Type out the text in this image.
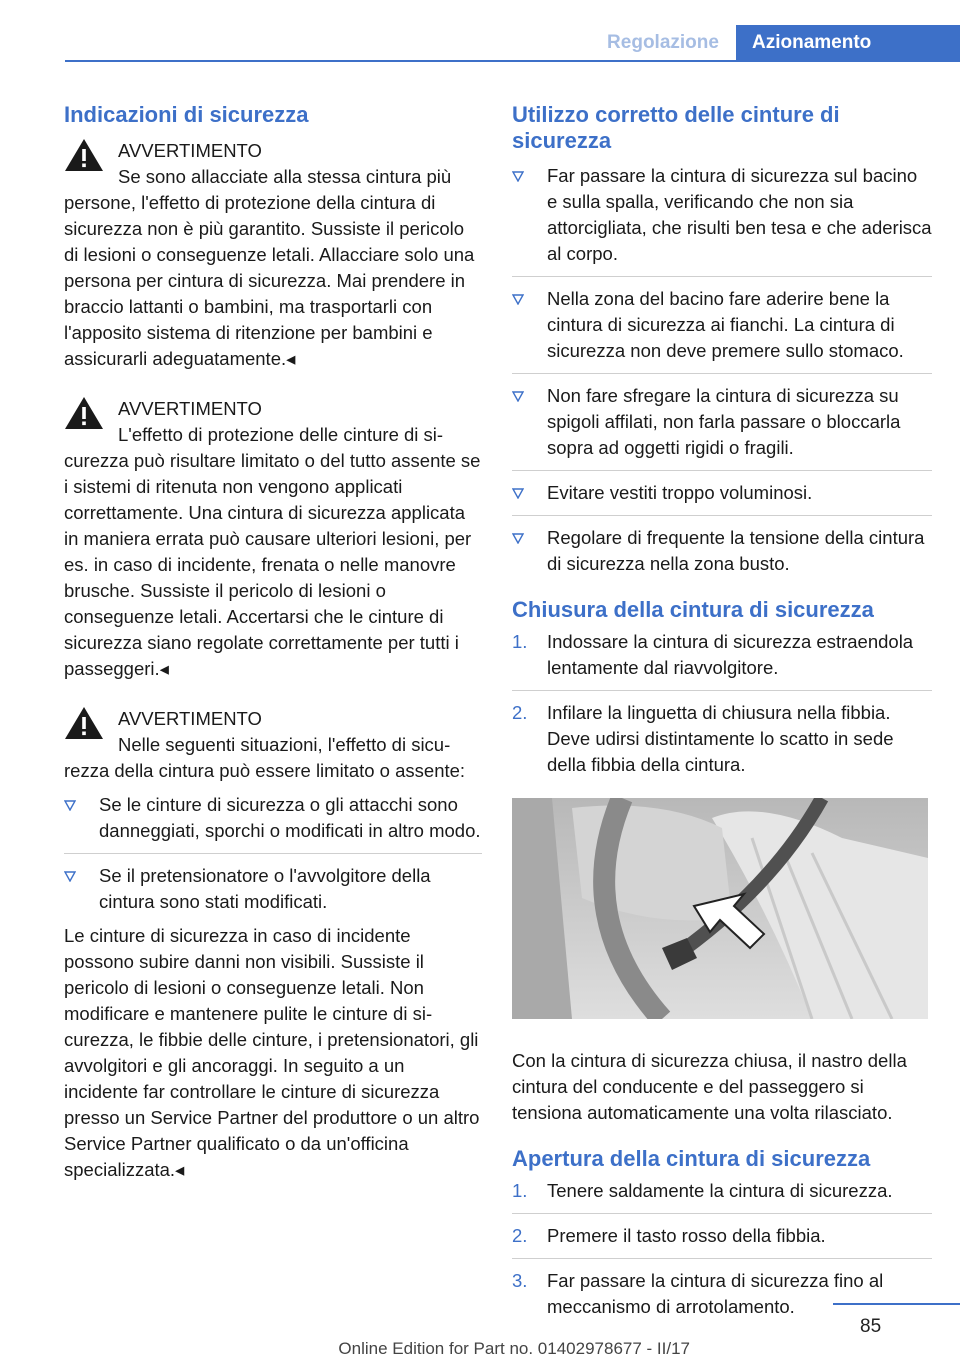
Regolazione	Azionamento
Indicazioni di sicurezza

AVVERTIMENTO

Se sono allacciate alla stessa cintura più persone, l'effetto di protezione della cintura di sicurezza non è più garantito. Sussiste il pericolo di lesioni o conseguenze letali. Allacciare solo una persona per cintura di sicurezza. Mai prendere in braccio lattanti o bambini, ma trasportarli con l'apposito sistema di ritenzione per bambini e assicurarli adeguatamente.◂

AVVERTIMENTO

L'effetto di protezione delle cinture di sicurezza può risultare limitato o del tutto assente se i sistemi di ritenuta non vengono applicati correttamente. Una cintura di sicurezza applicata in maniera errata può causare ulteriori lesioni, per es. in caso di incidente, frenata o nelle manovre brusche. Sussiste il pericolo di lesioni o conseguenze letali. Accertarsi che le cinture di sicurezza siano regolate correttamente per tutti i passeggeri.◂

AVVERTIMENTO

Nelle seguenti situazioni, l'effetto di sicurezza della cintura può essere limitato o assente:

Se le cinture di sicurezza o gli attacchi sono danneggiati, sporchi o modificati in altro modo.

Se il pretensionatore o l'avvolgitore della cintura sono stati modificati.

Le cinture di sicurezza in caso di incidente possono subire danni non visibili. Sussiste il pericolo di lesioni o conseguenze letali. Non modificare e mantenere pulite le cinture di sicurezza, le fibbie delle cinture, i pretensionatori, gli avvolgitori e gli ancoraggi. In seguito a un incidente far controllare le cinture di sicurezza presso un Service Partner del produttore o un altro Service Partner qualificato o da un'officina specializzata.◂

Utilizzo corretto delle cinture di sicurezza

Far passare la cintura di sicurezza sul bacino e sulla spalla, verificando che non sia attorcigliata, che risulti ben tesa e che aderisca al corpo.

Nella zona del bacino fare aderire bene la cintura di sicurezza ai fianchi. La cintura di sicurezza non deve premere sullo stomaco.

Non fare sfregare la cintura di sicurezza su spigoli affilati, non farla passare o bloccarla sopra ad oggetti rigidi o fragili.

Evitare vestiti troppo voluminosi.

Regolare di frequente la tensione della cintura di sicurezza nella zona busto.

Chiusura della cintura di sicurezza
1. Indossare la cintura di sicurezza estraendola lentamente dal riavvolgitore.

2. Infilare la linguetta di chiusura nella fibbia. Deve udirsi distintamente lo scatto in sede della fibbia della cintura.

Con la cintura di sicurezza chiusa, il nastro della cintura del conducente e del passeggero si tensiona automaticamente una volta rilasciato.

Apertura della cintura di sicurezza
1. Tenere saldamente la cintura di sicurezza.

2. Premere il tasto rosso della fibbia.

3. Far passare la cintura di sicurezza fino al meccanismo di arrotolamento.

85
Online Edition for Part no. 01402978677 - II/17
